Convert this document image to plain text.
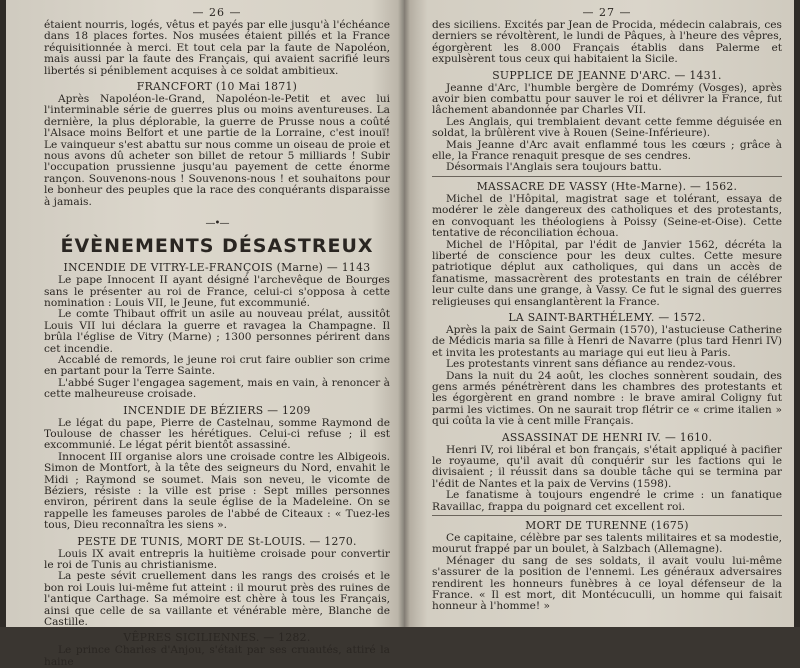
— 26 —

étaient nourris, logés, vêtus et payés par elle jusqu'à l'échéance dans 18 places fortes. Nos musées étaient pillés et la France réquisitionnée à merci. Et tout cela par la faute de Napoléon, mais aussi par la faute des Français, qui avaient sacrifié leurs libertés si péniblement acquises à ce soldat ambitieux.

FRANCFORT (10 Mai 1871)

Après Napoléon-le-Grand, Napoléon-le-Petit et avec lui l'interminable série de guerres plus ou moins aventureuses. La dernière, la plus déplorable, la guerre de Prusse nous a coûté l'Alsace moins Belfort et une partie de la Lorraine, c'est inouï! Le vainqueur s'est abattu sur nous comme un oiseau de proie et nous avons dû acheter son billet de retour 5 milliards ! Subir l'occupation prussienne jusqu'au payement de cette énorme rançon. Souvenons-nous ! Souvenons-nous ! et souhaitons pour le bonheur des peuples que la race des conquérants disparaisse à jamais.

—•—
ÉVÈNEMENTS DÉSASTREUX
INCENDIE DE VITRY-LE-FRANÇOIS (Marne) — 1143

Le pape Innocent II ayant désigné l'archevêque de Bourges sans le présenter au roi de France, celui-ci s'opposa à cette nomination : Louis VII, le Jeune, fut excommunié.

Le comte Thibaut offrit un asile au nouveau prélat, aussitôt Louis VII lui déclara la guerre et ravagea la Champagne. Il brûla l'église de Vitry (Marne) ; 1300 personnes périrent dans cet incendie.

Accablé de remords, le jeune roi crut faire oublier son crime en partant pour la Terre Sainte.

L'abbé Suger l'engagea sagement, mais en vain, à renoncer à cette malheureuse croisade.

INCENDIE DE BÉZIERS — 1209

Le légat du pape, Pierre de Castelnau, somme Raymond de Toulouse de chasser les hérétiques. Celui-ci refuse ; il est excommunié. Le légat périt bientôt assassiné.

Innocent III organise alors une croisade contre les Albigeois. Simon de Montfort, à la tête des seigneurs du Nord, envahit le Midi ; Raymond se soumet. Mais son neveu, le vicomte de Béziers, résiste : la ville est prise : Sept milles personnes environ, périrent dans la seule église de la Madeleine. On se rappelle les fameuses paroles de l'abbé de Citeaux : « Tuez-les tous, Dieu reconnaîtra les siens ».

PESTE DE TUNIS, MORT DE St-LOUIS. — 1270.

Louis IX avait entrepris la huitième croisade pour convertir le roi de Tunis au christianisme.

La peste sévit cruellement dans les rangs des croisés et le bon roi Louis lui-même fut atteint : il mourut près des ruines de l'antique Carthage. Sa mémoire est chère à tous les Français, ainsi que celle de sa vaillante et vénérable mère, Blanche de Castille.

VÊPRES SICILIENNES. — 1282.

Le prince Charles d'Anjou, s'était par ses cruautés, attiré la haine

— 27 —

des siciliens. Excités par Jean de Procida, médecin calabrais, ces derniers se révoltèrent, le lundi de Pâques, à l'heure des vêpres, égorgèrent les 8.000 Français établis dans Palerme et expulsèrent tous ceux qui habitaient la Sicile.

SUPPLICE DE JEANNE D'ARC. — 1431.

Jeanne d'Arc, l'humble bergère de Domrémy (Vosges), après avoir bien combattu pour sauver le roi et délivrer la France, fut lâchement abandonnée par Charles VII.

Les Anglais, qui tremblaient devant cette femme déguisée en soldat, la brûlèrent vive à Rouen (Seine-Inférieure).

Mais Jeanne d'Arc avait enflammé tous les cœurs ; grâce à elle, la France renaquit presque de ses cendres.

Désormais l'Anglais sera toujours battu.

MASSACRE DE VASSY (Hte-Marne). — 1562.

Michel de l'Hôpital, magistrat sage et tolérant, essaya de modérer le zèle dangereux des catholiques et des protestants, en convoquant les théologiens à Poissy (Seine-et-Oise). Cette tentative de réconciliation échoua.

Michel de l'Hôpital, par l'édit de Janvier 1562, décréta la liberté de conscience pour les deux cultes. Cette mesure patriotique déplut aux catholiques, qui dans un accès de fanatisme, massacrèrent des protestants en train de célébrer leur culte dans une grange, à Vassy. Ce fut le signal des guerres religieuses qui ensanglantèrent la France.

LA SAINT-BARTHÉLEMY. — 1572.

Après la paix de Saint Germain (1570), l'astucieuse Catherine de Médicis maria sa fille à Henri de Navarre (plus tard Henri IV) et invita les protestants au mariage qui eut lieu à Paris.

Les protestants vinrent sans défiance au rendez-vous.

Dans la nuit du 24 août, les cloches sonnèrent soudain, des gens armés pénétrèrent dans les chambres des protestants et les égorgèrent en grand nombre : le brave amiral Coligny fut parmi les victimes. On ne saurait trop flétrir ce « crime italien » qui coûta la vie à cent mille Français.

ASSASSINAT DE HENRI IV. — 1610.

Henri IV, roi libéral et bon français, s'était appliqué à pacifier le royaume, qu'il avait dû conquérir sur les factions qui le divisaient ; il réussit dans sa double tâche qui se termina par l'édit de Nantes et la paix de Vervins (1598).

Le fanatisme à toujours engendré le crime : un fanatique Ravaillac, frappa du poignard cet excellent roi.

MORT DE TURENNE (1675)

Ce capitaine, célèbre par ses talents militaires et sa modestie, mourut frappé par un boulet, à Salzbach (Allemagne).

Ménager du sang de ses soldats, il avait voulu lui-même s'assurer de la position de l'ennemi. Les généraux adversaires rendirent les honneurs funèbres à ce loyal défenseur de la France. « Il est mort, dit Montécuculli, un homme qui faisait honneur à l'homme! »
